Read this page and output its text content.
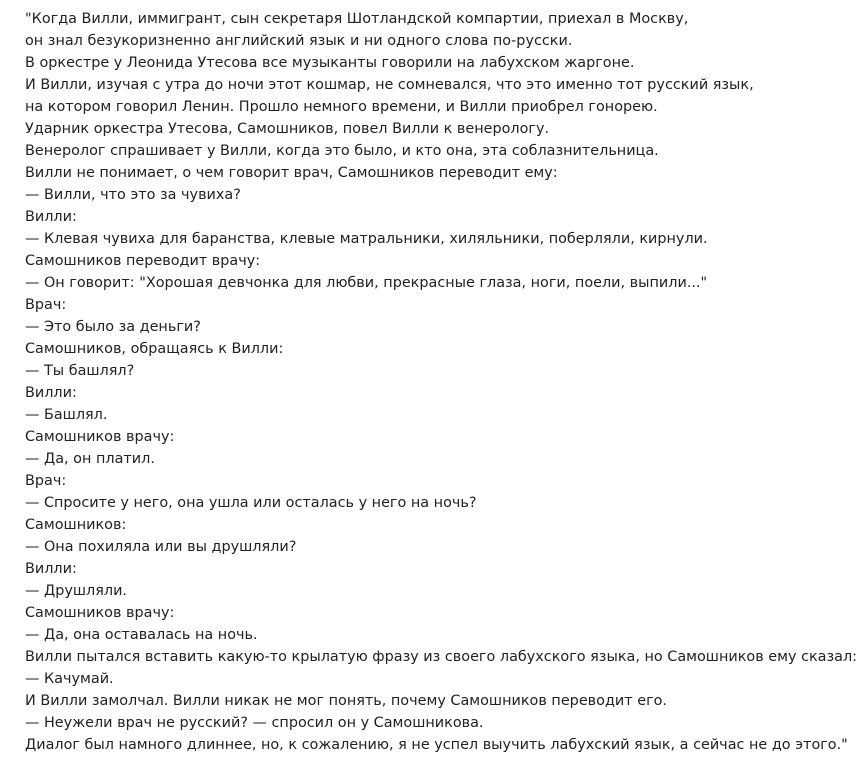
"Когда Вилли, иммигрант, сын секретаря Шотландской компартии, приехал в Москву,
он знал безукоризненно английский язык и ни одного слова по-русски.
В оркестре у Леонида Утесова все музыканты говорили на лабухском жаргоне.
И Вилли, изучая с утра до ночи этот кошмар, не сомневался, что это именно тот русский язык,
на котором говорил Ленин. Прошло немного времени, и Вилли приобрел гонорею.
Ударник оркестра Утесова, Самошников, повел Вилли к венерологу.
Венеролог спрашивает у Вилли, когда это было, и кто она, эта соблазнительница.
Вилли не понимает, о чем говорит врач, Самошников переводит ему:
— Вилли, что это за чувиха?
Вилли:
— Клевая чувиха для баранства, клевые матральники, хиляльники, поберляли, кирнули.
Самошников переводит врачу:
— Он говорит: "Хорошая девчонка для любви, прекрасные глаза, ноги, поели, выпили..."
Врач:
— Это было за деньги?
Самошников, обращаясь к Вилли:
— Ты башлял?
Вилли:
— Башлял.
Самошников врачу:
— Да, он платил.
Врач:
— Спросите у него, она ушла или осталась у него на ночь?
Самошников:
— Она похиляла или вы друшляли?
Вилли:
— Друшляли.
Самошников врачу:
— Да, она оставалась на ночь.
Вилли пытался вставить какую-то крылатую фразу из своего лабухского языка, но Самошников ему сказал:
— Качумай.
И Вилли замолчал. Вилли никак не мог понять, почему Самошников переводит его.
— Неужели врач не русский? — спросил он у Самошникова.
Диалог был намного длиннее, но, к сожалению, я не успел выучить лабухский язык, а сейчас не до этого."
